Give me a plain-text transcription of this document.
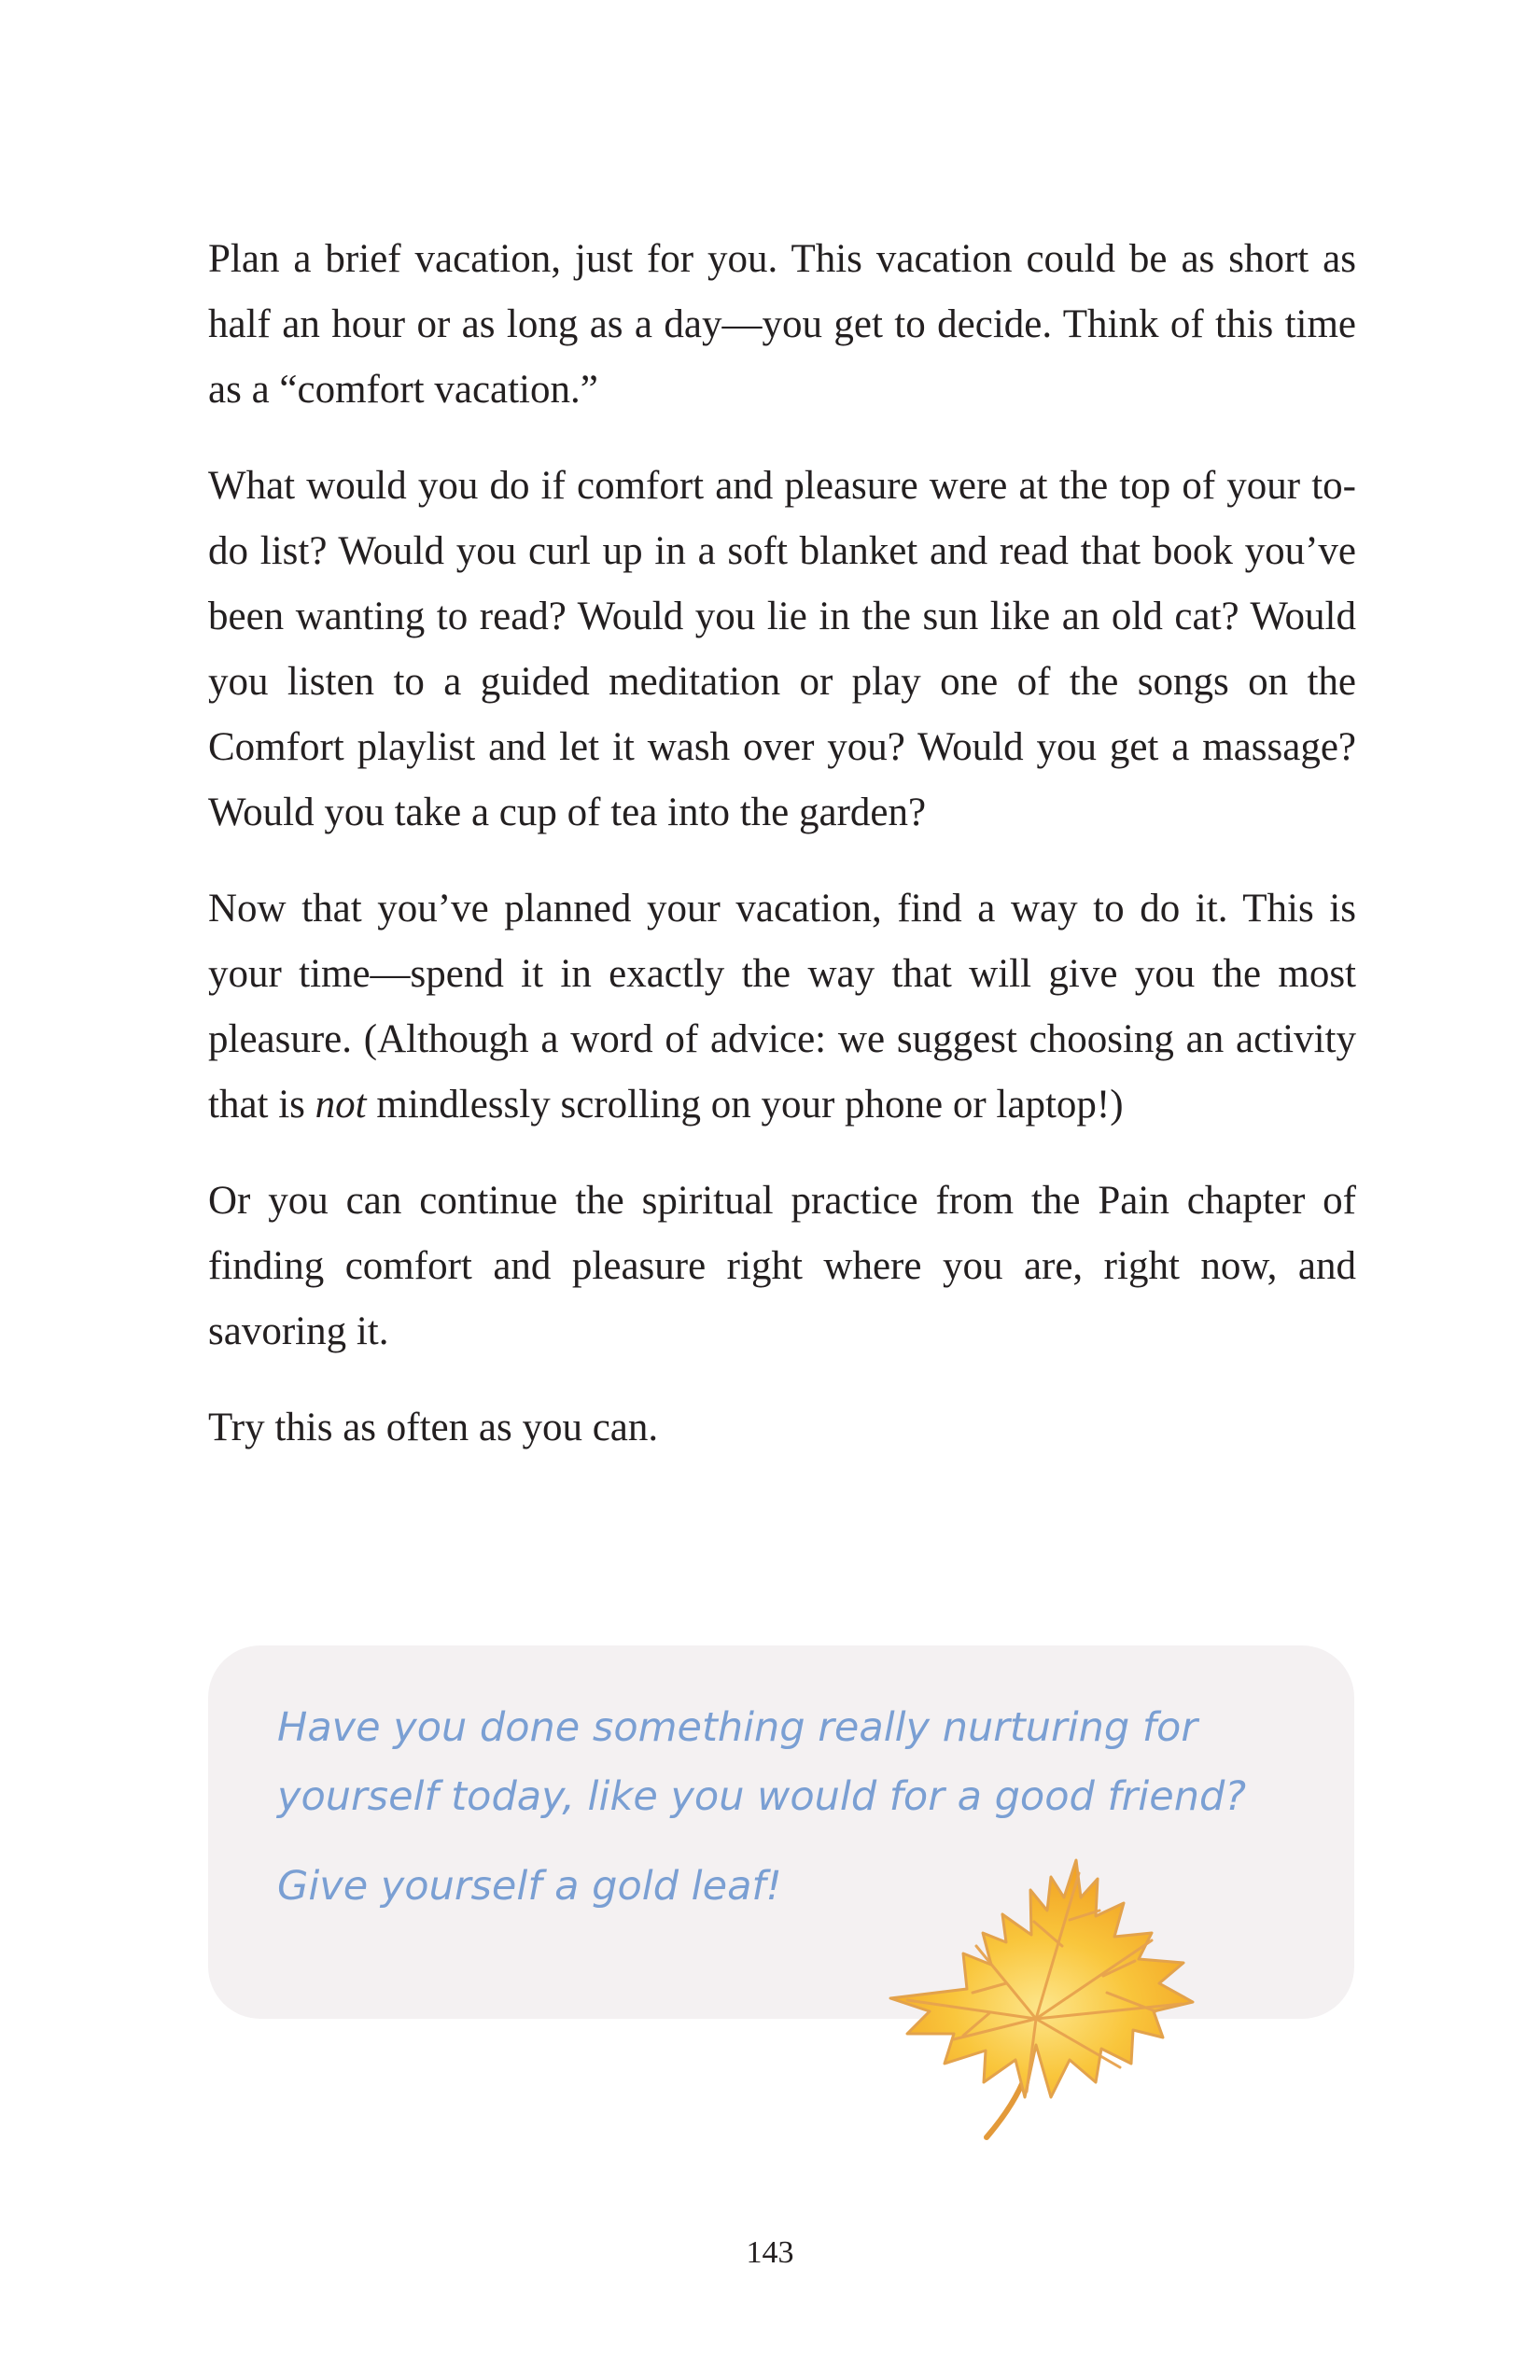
Plan a brief vacation, just for you. This vacation could be as short as half an hour or as long as a day—you get to decide. Think of this time as a “comfort vacation.”

What would you do if comfort and pleasure were at the top of your to-do list? Would you curl up in a soft blanket and read that book you’ve been wanting to read? Would you lie in the sun like an old cat? Would you listen to a guided meditation or play one of the songs on the Comfort playlist and let it wash over you? Would you get a massage? Would you take a cup of tea into the garden?

Now that you’ve planned your vacation, find a way to do it. This is your time—spend it in exactly the way that will give you the most pleasure. (Although a word of advice: we suggest choosing an activity that is not mindlessly scrolling on your phone or laptop!)

Or you can continue the spiritual practice from the Pain chapter of finding comfort and pleasure right where you are, right now, and savoring it.

Try this as often as you can.

Have you done something really nurturing for yourself today, like you would for a good friend?

Give yourself a gold leaf!

143
